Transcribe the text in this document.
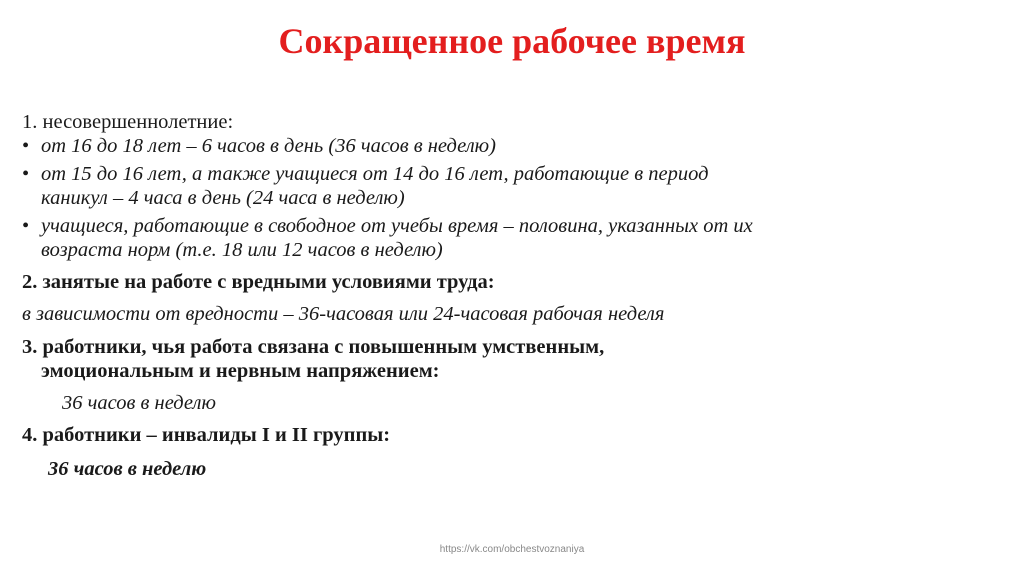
Сокращенное рабочее время
1. несовершеннолетние:
• от 16 до 18 лет – 6 часов в день (36 часов в неделю)
• от 15 до 16 лет, а также учащиеся от 14 до 16 лет, работающие в период
каникул – 4 часа в день (24 часа в неделю)
• учащиеся, работающие в свободное от учебы время – половина, указанных от их
возраста норм (т.е. 18 или 12 часов в неделю)
2. занятые на работе с вредными условиями труда:
в зависимости от вредности – 36-часовая или 24-часовая рабочая неделя
3. работники, чья работа связана с повышенным умственным,
эмоциональным и нервным напряжением:
36 часов в неделю
4. работники – инвалиды I и II группы:
36 часов в неделю
https://vk.com/obchestvoznaniya
